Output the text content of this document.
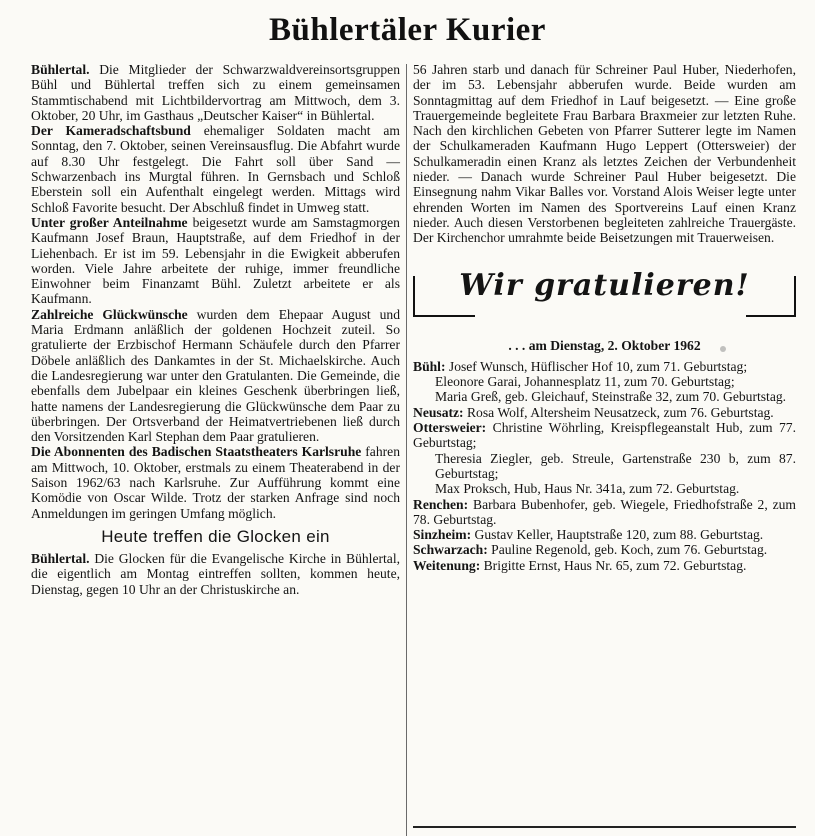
Bühlertäler Kurier

Bühlertal. Die Mitglieder der Schwarzwaldvereinsortsgruppen Bühl und Bühlertal treffen sich zu einem gemeinsamen Stammtischabend mit Lichtbildervortrag am Mittwoch, dem 3. Oktober, 20 Uhr, im Gasthaus „Deutscher Kaiser“ in Bühlertal.

Der Kameradschaftsbund ehemaliger Soldaten macht am Sonntag, den 7. Oktober, seinen Vereinsausflug. Die Abfahrt wurde auf 8.30 Uhr festgelegt. Die Fahrt soll über Sand — Schwarzenbach ins Murgtal führen. In Gernsbach und Schloß Eberstein soll ein Aufenthalt eingelegt werden. Mittags wird Schloß Favorite besucht. Der Abschluß findet in Umweg statt.

Unter großer Anteilnahme beigesetzt wurde am Samstagmorgen Kaufmann Josef Braun, Hauptstraße, auf dem Friedhof in der Liehenbach. Er ist im 59. Lebensjahr in die Ewigkeit abberufen worden. Viele Jahre arbeitete der ruhige, immer freundliche Einwohner beim Finanzamt Bühl. Zuletzt arbeitete er als Kaufmann.

Zahlreiche Glückwünsche wurden dem Ehepaar August und Maria Erdmann anläßlich der goldenen Hochzeit zuteil. So gratulierte der Erzbischof Hermann Schäufele durch den Pfarrer Döbele anläßlich des Dankamtes in der St. Michaelskirche. Auch die Landesregierung war unter den Gratulanten. Die Gemeinde, die ebenfalls dem Jubelpaar ein kleines Geschenk überbringen ließ, hatte namens der Landesregierung die Glückwünsche dem Paar zu überbringen. Der Ortsverband der Heimatvertriebenen ließ durch den Vorsitzenden Karl Stephan dem Paar gratulieren.

Die Abonnenten des Badischen Staatstheaters Karlsruhe fahren am Mittwoch, 10. Oktober, erstmals zu einem Theaterabend in der Saison 1962/63 nach Karlsruhe. Zur Aufführung kommt eine Komödie von Oscar Wilde. Trotz der starken Anfrage sind noch Anmeldungen im geringen Umfang möglich.

Heute treffen die Glocken ein

Bühlertal. Die Glocken für die Evangelische Kirche in Bühlertal, die eigentlich am Montag eintreffen sollten, kommen heute, Dienstag, gegen 10 Uhr an der Christuskirche an.

56 Jahren starb und danach für Schreiner Paul Huber, Niederhofen, der im 53. Lebensjahr abberufen wurde. Beide wurden am Sonntagmittag auf dem Friedhof in Lauf beigesetzt. — Eine große Trauergemeinde begleitete Frau Barbara Braxmeier zur letzten Ruhe. Nach den kirchlichen Gebeten von Pfarrer Sutterer legte im Namen der Schulkameraden Kaufmann Hugo Leppert (Ottersweier) der Schulkameradin einen Kranz als letztes Zeichen der Verbundenheit nieder. — Danach wurde Schreiner Paul Huber beigesetzt. Die Einsegnung nahm Vikar Balles vor. Vorstand Alois Weiser legte unter ehrenden Worten im Namen des Sportvereins Lauf einen Kranz nieder. Auch diesen Verstorbenen begleiteten zahlreiche Trauergäste. Der Kirchenchor umrahmte beide Beisetzungen mit Trauerweisen.

Wir gratulieren!
. . . am Dienstag, 2. Oktober 1962

Bühl: Josef Wunsch, Hüflischer Hof 10, zum 71. Geburtstag;

Eleonore Garai, Johannesplatz 11, zum 70. Geburtstag;

Maria Greß, geb. Gleichauf, Steinstraße 32, zum 70. Geburtstag.

Neusatz: Rosa Wolf, Altersheim Neusatzeck, zum 76. Geburtstag.

Ottersweier: Christine Wöhrling, Kreispflegeanstalt Hub, zum 77. Geburtstag;

Theresia Ziegler, geb. Streule, Gartenstraße 230 b, zum 87. Geburtstag;

Max Proksch, Hub, Haus Nr. 341a, zum 72. Geburtstag.

Renchen: Barbara Bubenhofer, geb. Wiegele, Friedhofstraße 2, zum 78. Geburtstag.

Sinzheim: Gustav Keller, Hauptstraße 120, zum 88. Geburtstag.

Schwarzach: Pauline Regenold, geb. Koch, zum 76. Geburtstag.

Weitenung: Brigitte Ernst, Haus Nr. 65, zum 72. Geburtstag.
